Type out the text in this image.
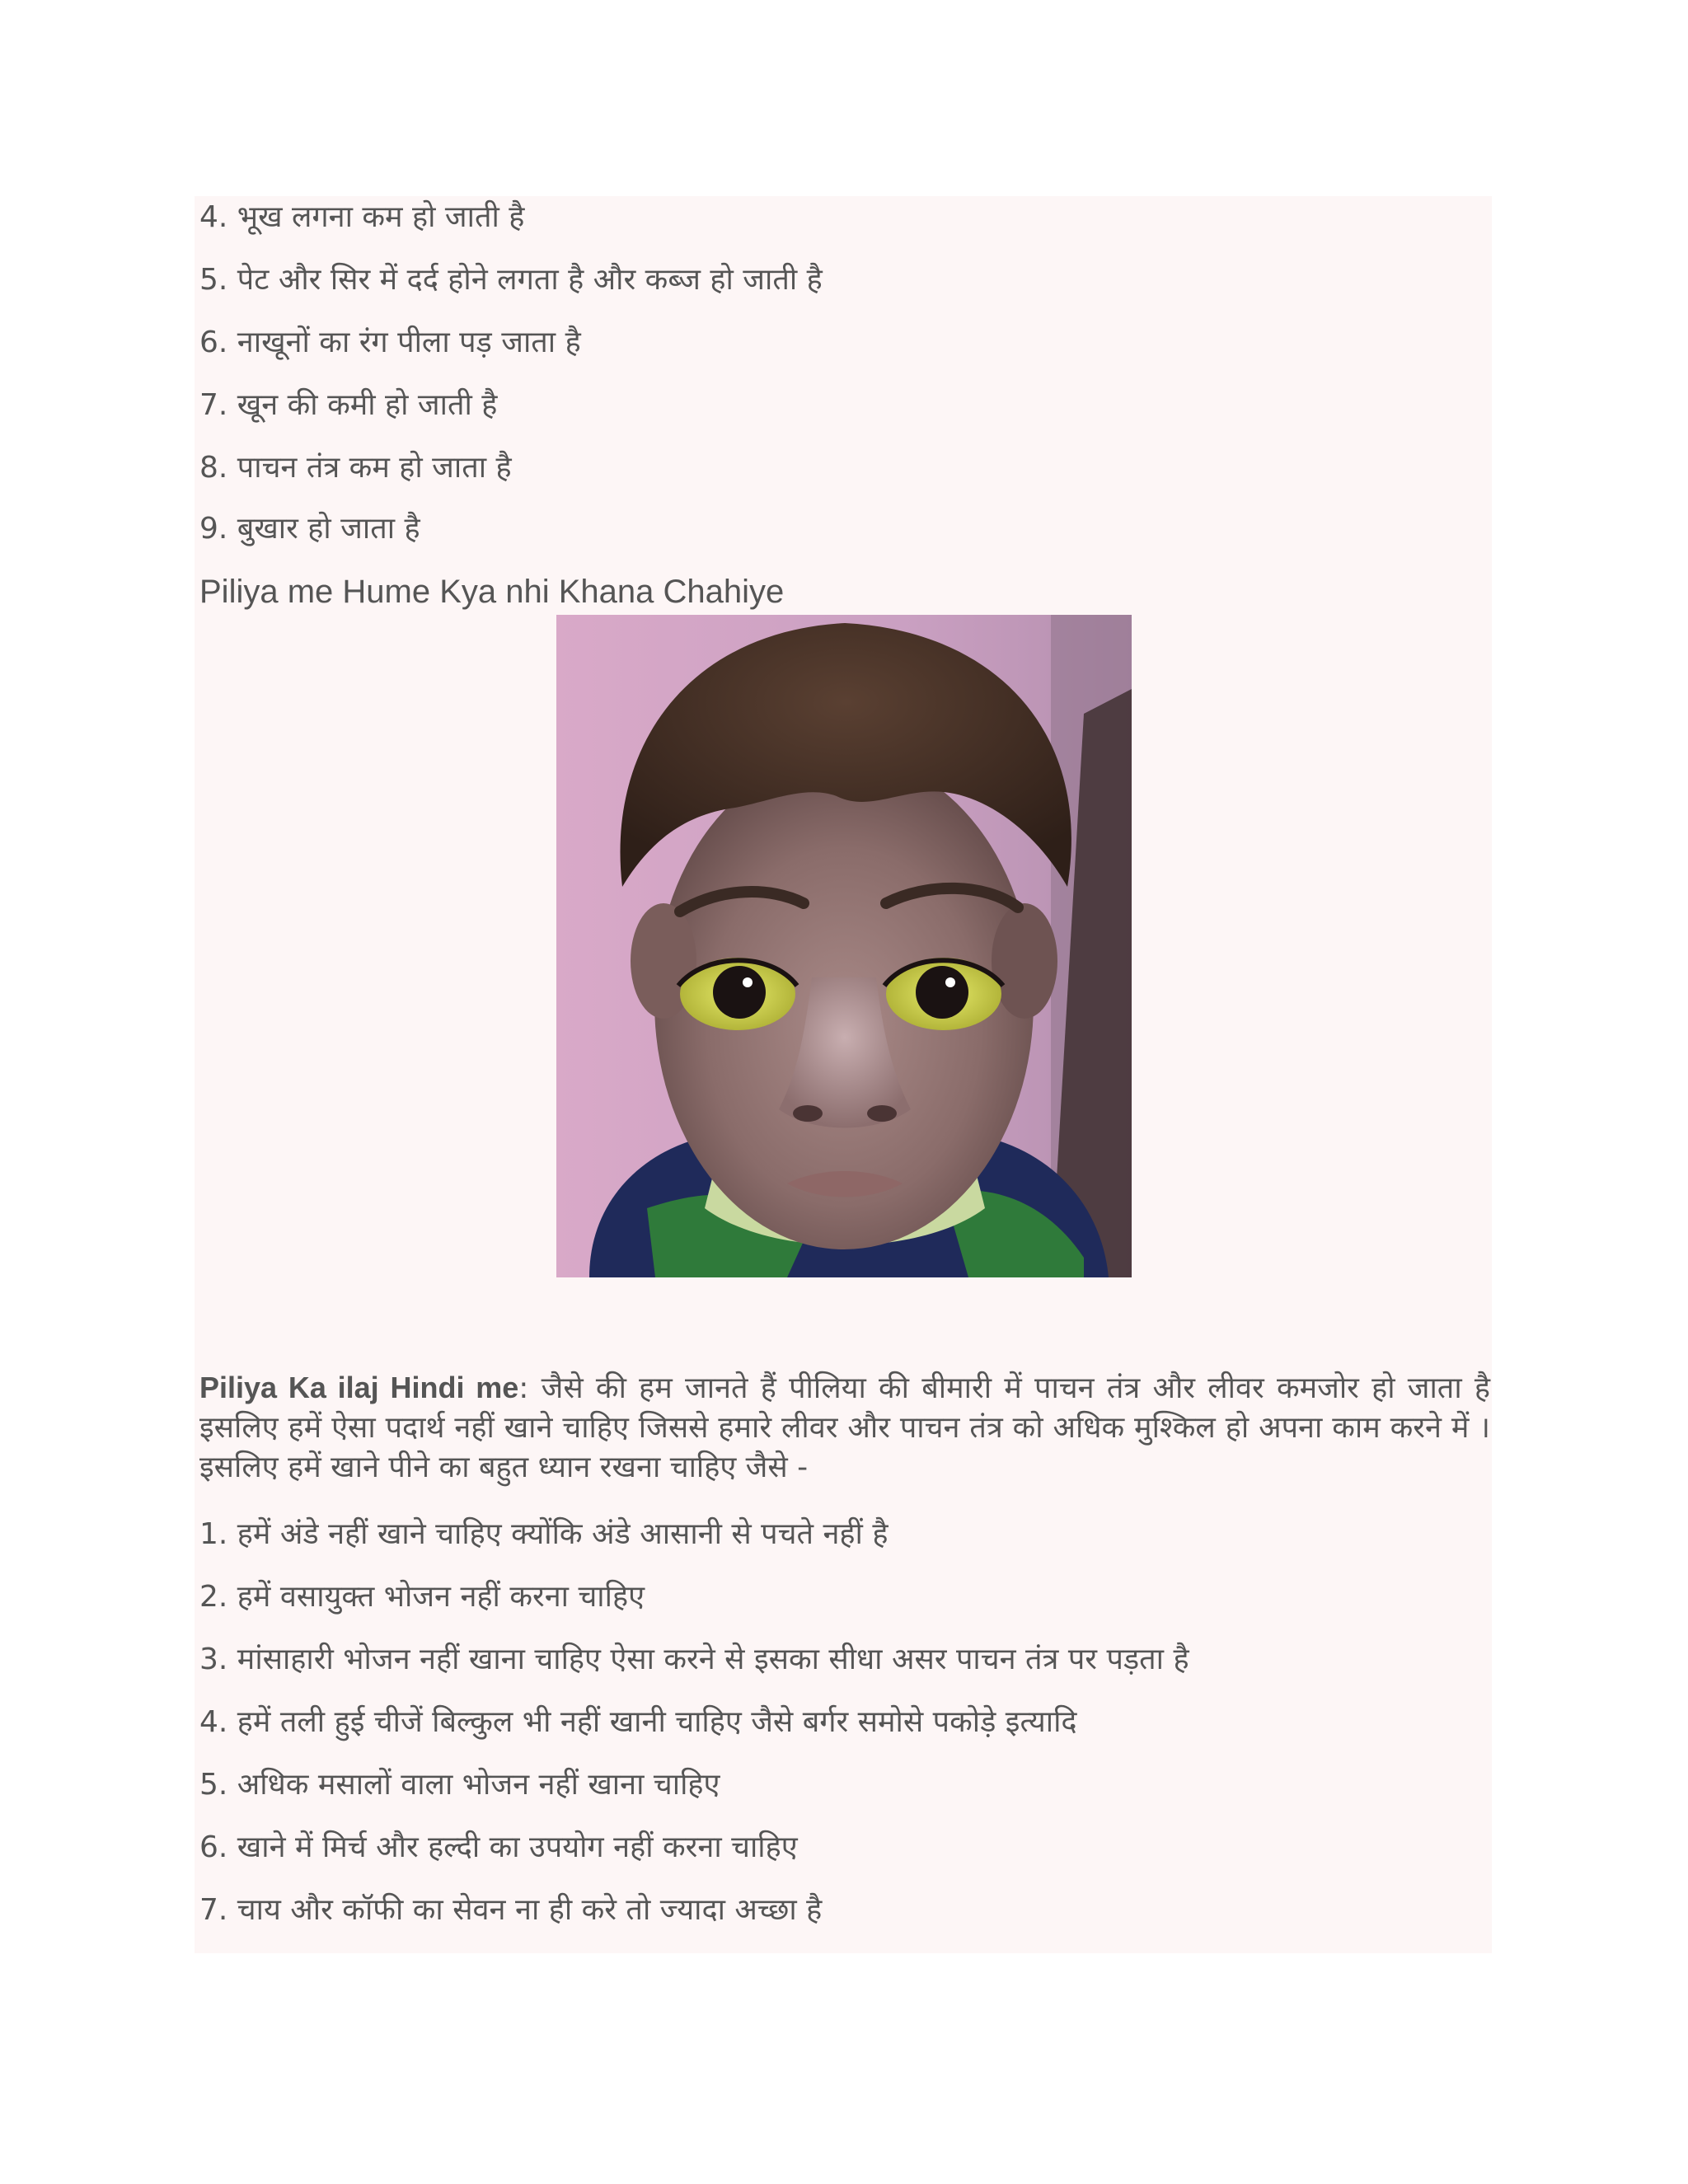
4. भूख लगना कम हो जाती है
5. पेट और सिर में दर्द होने लगता है और कब्ज हो जाती है
6. नाखूनों का रंग पीला पड़ जाता है
7. खून की कमी हो जाती है
8. पाचन तंत्र कम हो जाता है
9. बुखार हो जाता है
Piliya me Hume Kya nhi Khana Chahiye
Piliya Ka ilaj Hindi me: जैसे की हम जानते हैं पीलिया की बीमारी में पाचन तंत्र और लीवर कमजोर हो जाता है इसलिए हमें ऐसा पदार्थ नहीं खाने चाहिए जिससे हमारे लीवर और पाचन तंत्र को अधिक मुश्किल हो अपना काम करने में । इसलिए हमें खाने पीने का बहुत ध्यान रखना चाहिए जैसे -
1. हमें अंडे नहीं खाने चाहिए क्योंकि अंडे आसानी से पचते नहीं है
2. हमें वसायुक्त भोजन नहीं करना चाहिए
3. मांसाहारी भोजन नहीं खाना चाहिए ऐसा करने से इसका सीधा असर पाचन तंत्र पर पड़ता है
4. हमें तली हुई चीजें बिल्कुल भी नहीं खानी चाहिए जैसे बर्गर समोसे पकोड़े इत्यादि
5. अधिक मसालों वाला भोजन नहीं खाना चाहिए
6. खाने में मिर्च और हल्दी का उपयोग नहीं करना चाहिए
7. चाय और कॉफी का सेवन ना ही करे तो ज्यादा अच्छा है
